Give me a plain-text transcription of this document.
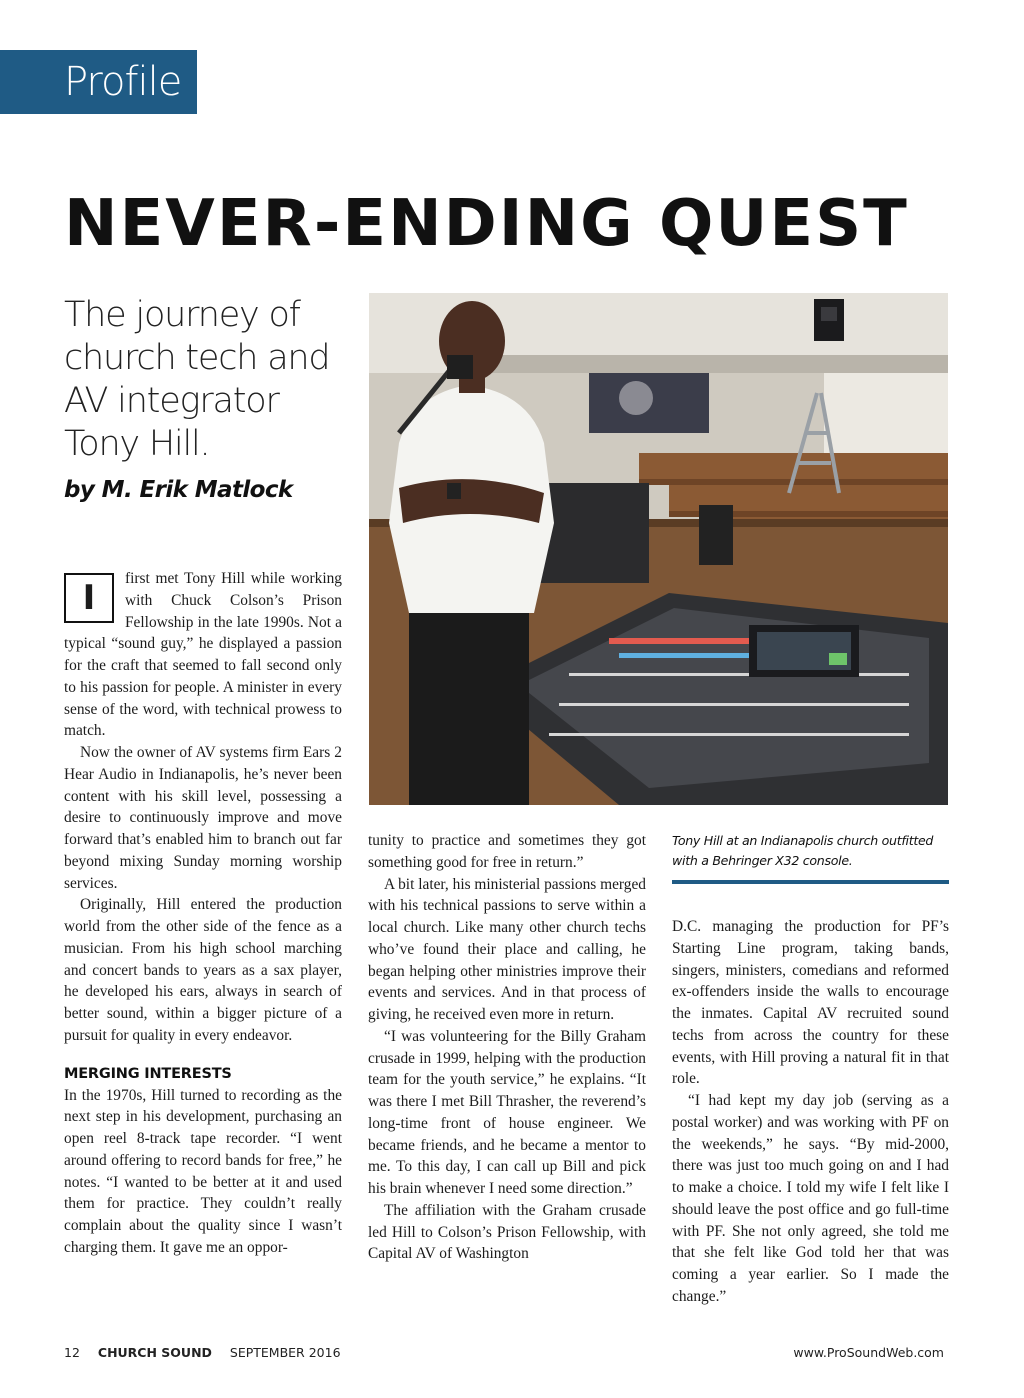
Profile
NEVER-ENDING QUEST
The journey of church tech and AV integrator Tony Hill.
by M. Erik Matlock

I	first met Tony Hill while working with Chuck Colson’s Prison Fellowship in the late 1990s. Not a typical “sound guy,” he displayed a passion for the craft that seemed to fall second only to his passion for people. A minister in every sense of the word, with technical prowess to match.

Now the owner of AV systems firm Ears 2 Hear Audio in Indianapolis, he’s never been content with his skill level, possessing a desire to continuously improve and move forward that’s enabled him to branch out far beyond mixing Sunday morning worship services.

Originally, Hill entered the production world from the other side of the fence as a musician. From his high school marching and concert bands to years as a sax player, he developed his ears, always in search of better sound, within a bigger picture of a pursuit for quality in every endeavor.

MERGING INTERESTS

In the 1970s, Hill turned to recording as the next step in his development, purchasing an open reel 8-track tape recorder. “I went around offering to record bands for free,” he notes. “I wanted to be better at it and used them for practice. They couldn’t really complain about the quality since I wasn’t charging them. It gave me an oppor-

tunity to practice and sometimes they got something good for free in return.”

A bit later, his ministerial passions merged with his technical passions to serve within a local church. Like many other church techs who’ve found their place and calling, he began helping other ministries improve their events and services. And in that process of giving, he received even more in return.

“I was volunteering for the Billy Graham crusade in 1999, helping with the production team for the youth service,” he explains. “It was there I met Bill Thrasher, the reverend’s long-time front of house engineer. We became friends, and he became a mentor to me. To this day, I can call up Bill and pick his brain whenever I need some direction.”

The affiliation with the Graham crusade led Hill to Colson’s Prison Fellowship, with Capital AV of Washington

Tony Hill at an Indianapolis church outfitted with a Behringer X32 console.

D.C. managing the production for PF’s Starting Line program, taking bands, singers, ministers, comedians and reformed ex-offenders inside the walls to encourage the inmates. Capital AV recruited sound techs from across the country for these events, with Hill proving a natural fit in that role.

“I had kept my day job (serving as a postal worker) and was working with PF on the weekends,” he says. “By mid-2000, there was just too much going on and I had to make a choice. I told my wife I felt like I should leave the post office and go full-time with PF. She not only agreed, she told me that she felt like God told her that was coming a year earlier. So I made the change.”

12 CHURCH SOUND SEPTEMBER 2016	www.ProSoundWeb.com
